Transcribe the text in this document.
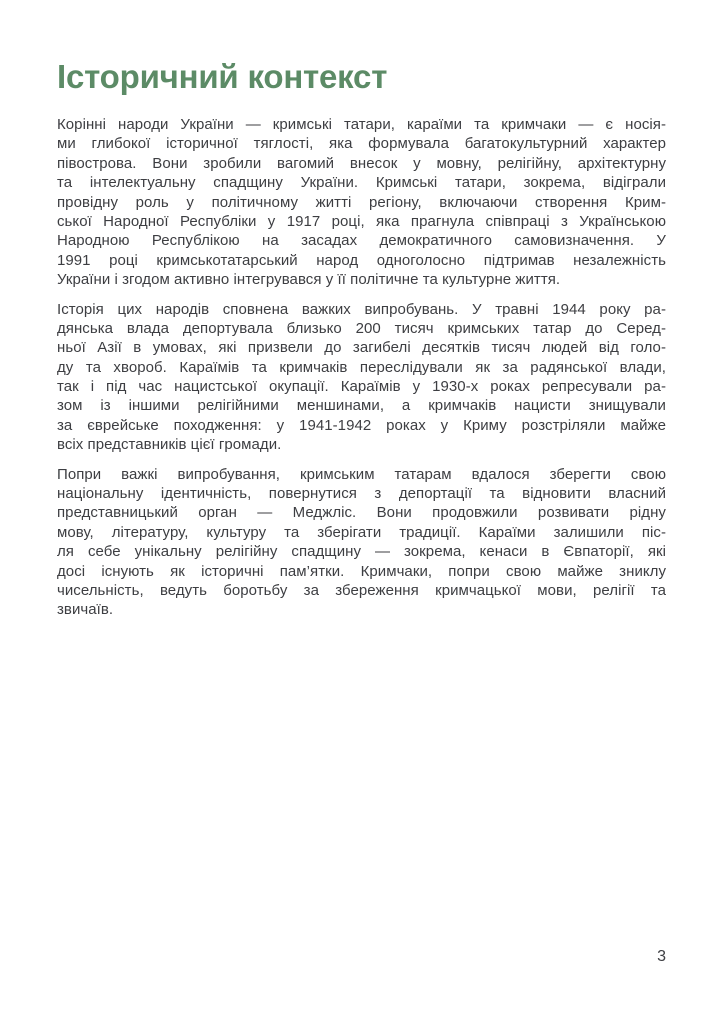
Історичний контекст
Корінні народи України — кримські татари, караїми та кримчаки — є носія-
ми глибокої історичної тяглості, яка формувала багатокультурний характер
півострова. Вони зробили вагомий внесок у мовну, релігійну, архітектурну
та інтелектуальну спадщину України. Кримські татари, зокрема, відіграли
провідну роль у політичному житті регіону, включаючи створення Крим-
ської Народної Республіки у 1917 році, яка прагнула співпраці з Українською
Народною Республікою на засадах демократичного самовизначення. У
1991 році кримськотатарський народ одноголосно підтримав незалежність
України і згодом активно інтегрувався у її політичне та культурне життя.
Історія цих народів сповнена важких випробувань. У травні 1944 року ра-
дянська влада депортувала близько 200 тисяч кримських татар до Серед-
ньої Азії в умовах, які призвели до загибелі десятків тисяч людей від голо-
ду та хвороб. Караїмів та кримчаків переслідували як за радянської влади,
так і під час нацистської окупації. Караїмів у 1930-х роках репресували ра-
зом із іншими релігійними меншинами, а кримчаків нацисти знищували
за єврейське походження: у 1941-1942 роках у Криму розстріляли майже
всіх представників цієї громади.
Попри важкі випробування, кримським татарам вдалося зберегти свою
національну ідентичність, повернутися з депортації та відновити власний
представницький орган — Меджліс. Вони продовжили розвивати рідну
мову, літературу, культуру та зберігати традиції. Караїми залишили піс-
ля себе унікальну релігійну спадщину — зокрема, кенаси в Євпаторії, які
досі існують як історичні пам’ятки. Кримчаки, попри свою майже зниклу
чисельність, ведуть боротьбу за збереження кримчацької мови, релігії та
звичаїв.
3
